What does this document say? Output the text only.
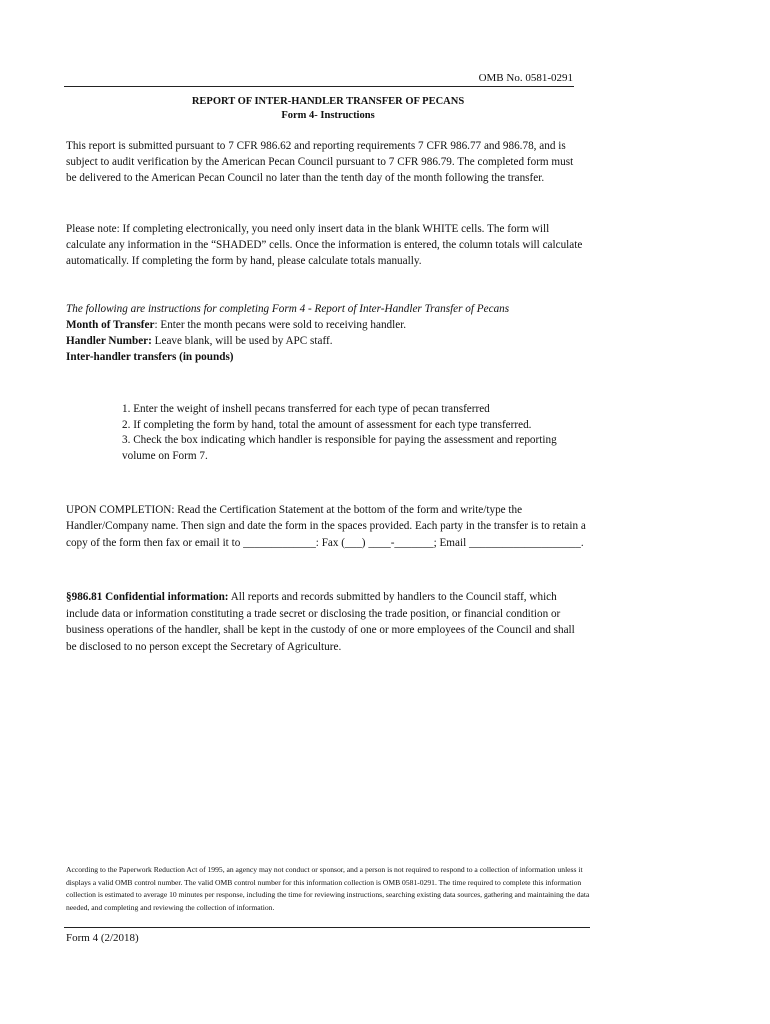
OMB No. 0581-0291
REPORT OF INTER-HANDLER TRANSFER OF PECANS
Form 4- Instructions
This report is submitted pursuant to 7 CFR 986.62 and reporting requirements 7 CFR 986.77 and 986.78, and is subject to audit verification by the American Pecan Council pursuant to 7 CFR 986.79. The completed form must be delivered to the American Pecan Council no later than the tenth day of the month following the transfer.
Please note: If completing electronically, you need only insert data in the blank WHITE cells. The form will calculate any information in the “SHADED” cells. Once the information is entered, the column totals will calculate automatically. If completing the form by hand, please calculate totals manually.
The following are instructions for completing Form 4 - Report of Inter-Handler Transfer of Pecans
Month of Transfer: Enter the month pecans were sold to receiving handler.
Handler Number: Leave blank, will be used by APC staff.
Inter-handler transfers (in pounds)
1. Enter the weight of inshell pecans transferred for each type of pecan transferred
2. If completing the form by hand, total the amount of assessment for each type transferred.
3. Check the box indicating which handler is responsible for paying the assessment and reporting volume on Form 7.
UPON COMPLETION: Read the Certification Statement at the bottom of the form and write/type the Handler/Company name. Then sign and date the form in the spaces provided. Each party in the transfer is to retain a copy of the form then fax or email it to _____________: Fax (___) ____-_______; Email ____________________.
§986.81 Confidential information: All reports and records submitted by handlers to the Council staff, which include data or information constituting a trade secret or disclosing the trade position, or financial condition or business operations of the handler, shall be kept in the custody of one or more employees of the Council and shall be disclosed to no person except the Secretary of Agriculture.
According to the Paperwork Reduction Act of 1995, an agency may not conduct or sponsor, and a person is not required to respond to a collection of information unless it displays a valid OMB control number. The valid OMB control number for this information collection is OMB 0581-0291. The time required to complete this information collection is estimated to average 10 minutes per response, including the time for reviewing instructions, searching existing data sources, gathering and maintaining the data needed, and completing and reviewing the collection of information.
Form 4 (2/2018)
